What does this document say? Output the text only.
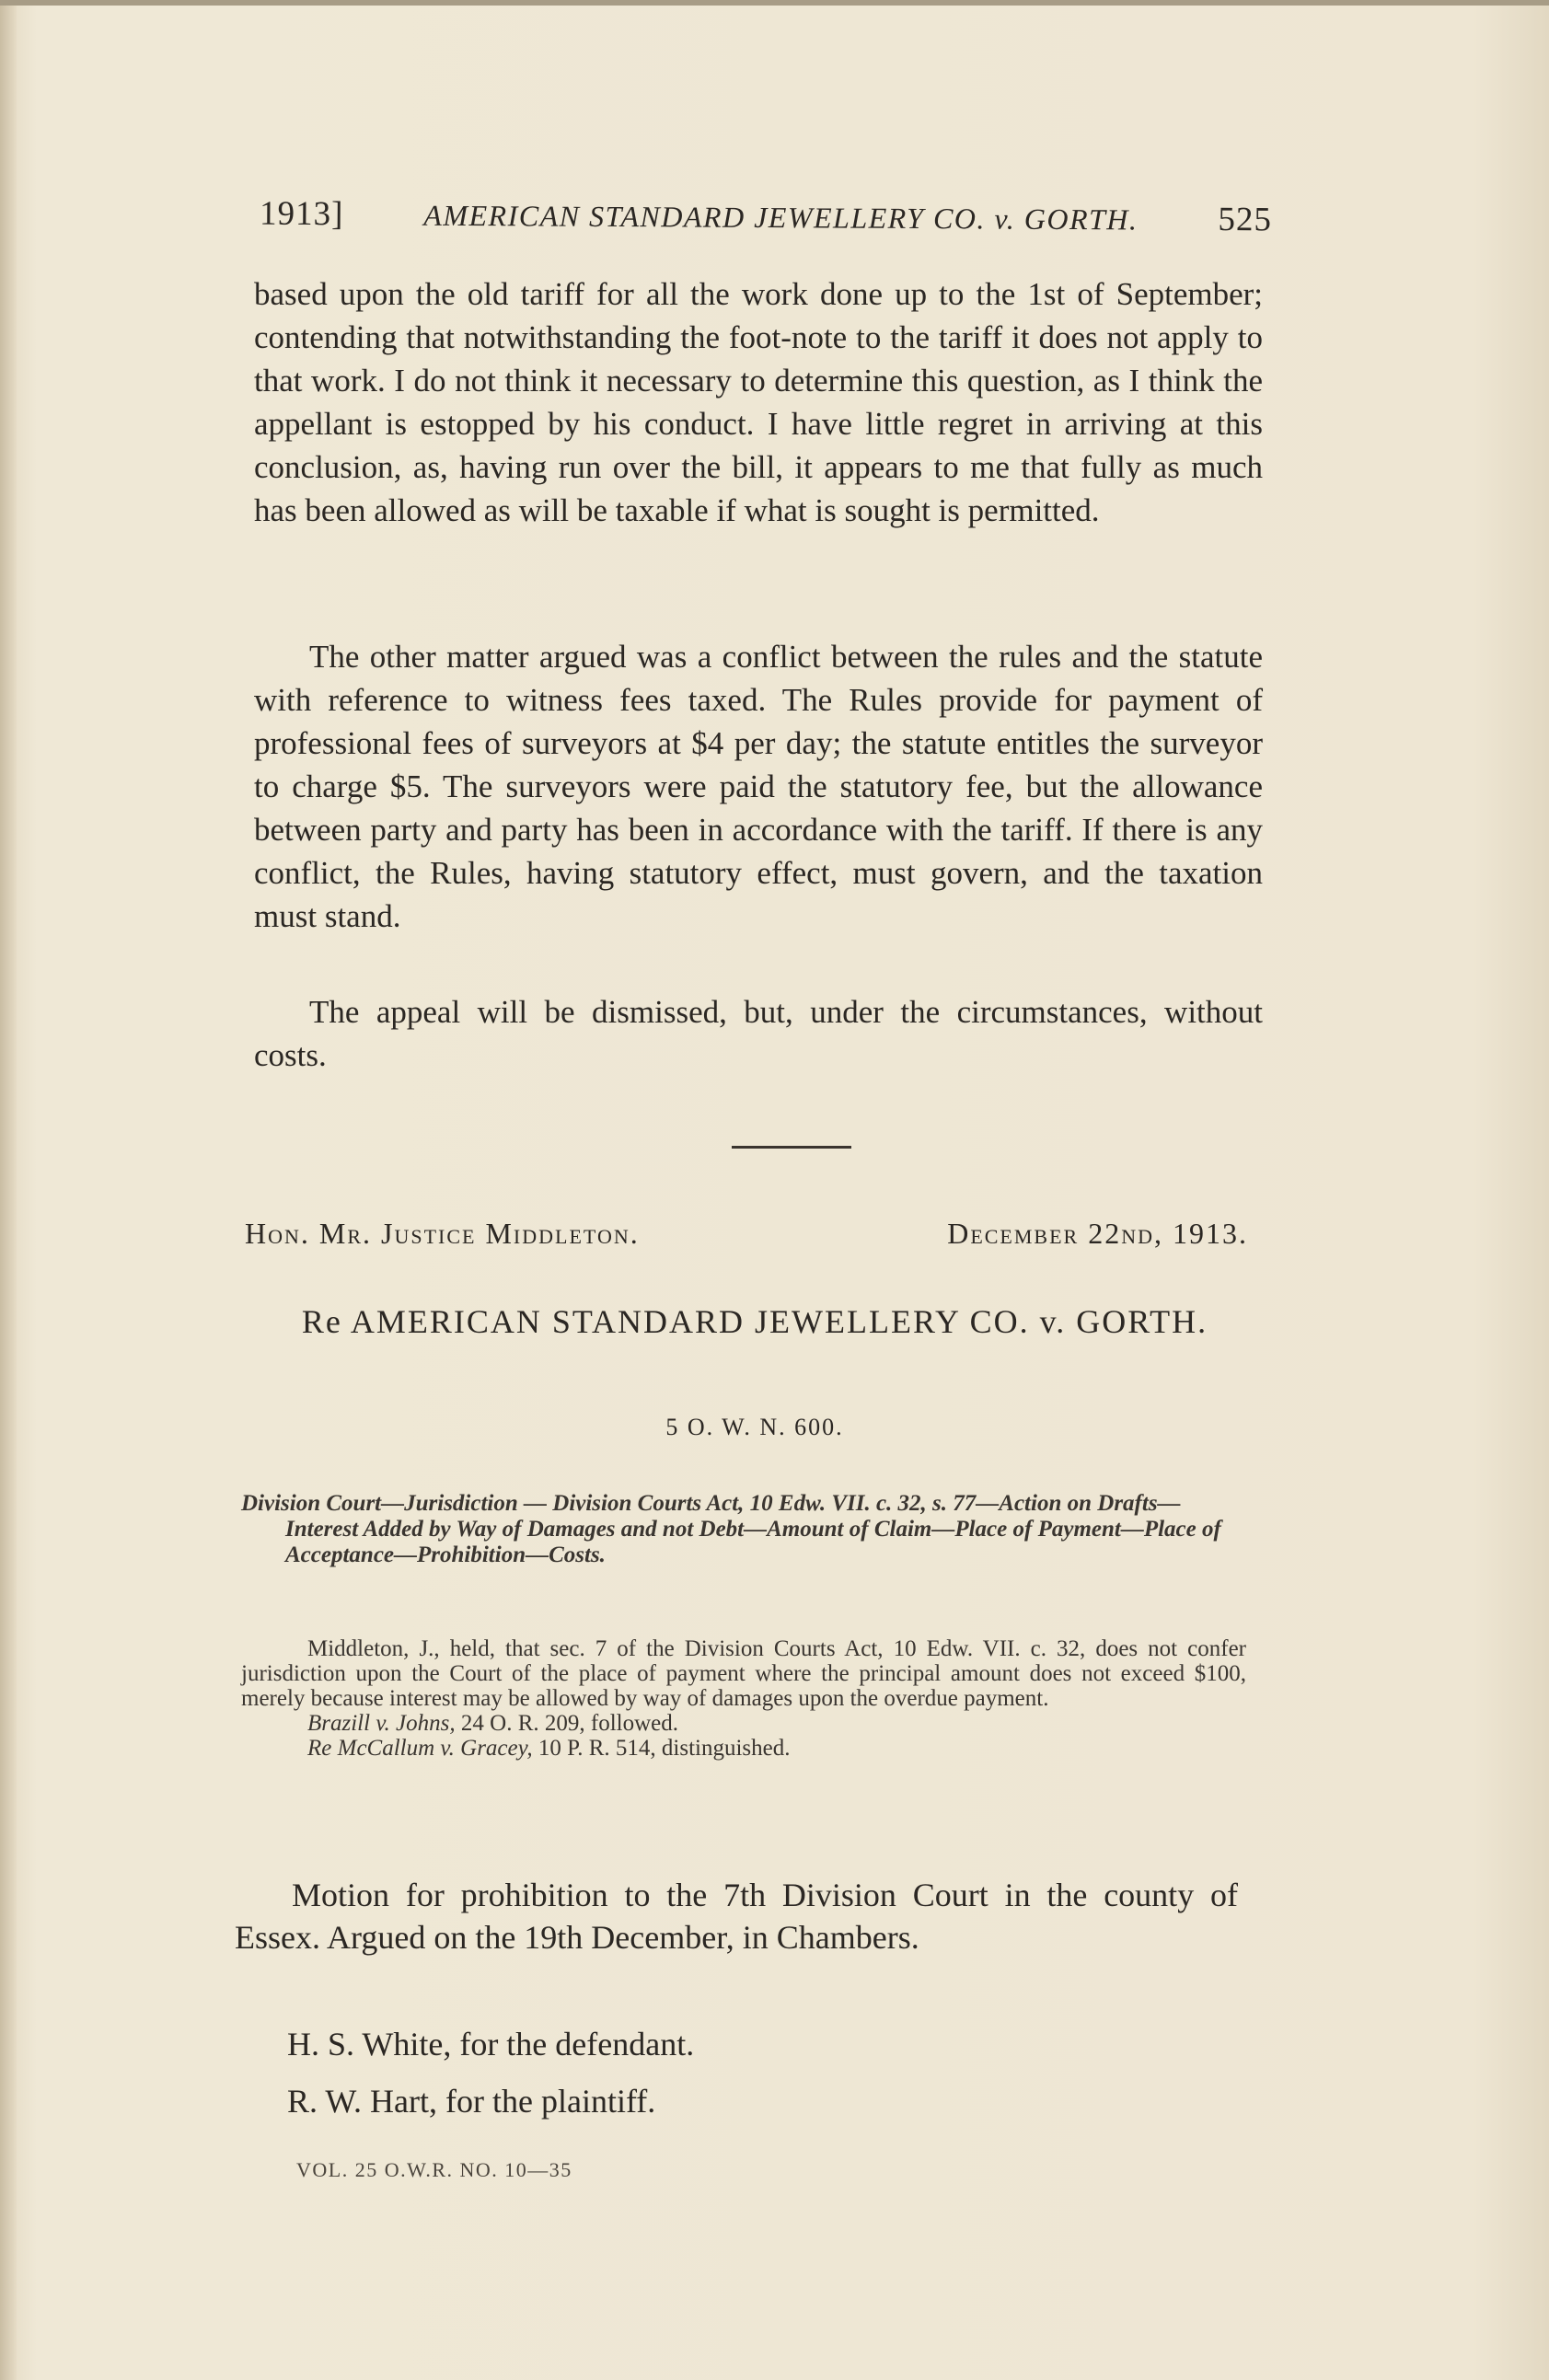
1913]	AMERICAN STANDARD JEWELLERY CO. v. GORTH. 525

based upon the old tariff for all the work done up to the 1st of September; contending that notwithstanding the foot-note to the tariff it does not apply to that work. I do not think it necessary to determine this question, as I think the appellant is estopped by his conduct. I have little regret in arriving at this conclusion, as, having run over the bill, it appears to me that fully as much has been allowed as will be taxable if what is sought is permitted.

The other matter argued was a conflict between the rules and the statute with reference to witness fees taxed. The Rules provide for payment of professional fees of surveyors at $4 per day; the statute entitles the surveyor to charge $5. The surveyors were paid the statutory fee, but the allowance between party and party has been in accordance with the tariff. If there is any conflict, the Rules, having statutory effect, must govern, and the taxation must stand.

The appeal will be dismissed, but, under the circumstances, without costs.

Hon. Mr. Justice Middleton.	December 22nd, 1913.
Re AMERICAN STANDARD JEWELLERY CO. v. GORTH.
5 O. W. N. 600.
Division Court—Jurisdiction — Division Courts Act, 10 Edw. VII. c. 32, s. 77—Action on Drafts—Interest Added by Way of Damages and not Debt—Amount of Claim—Place of Payment—Place of Acceptance—Prohibition—Costs.

Middleton, J., held, that sec. 7 of the Division Courts Act, 10 Edw. VII. c. 32, does not confer jurisdiction upon the Court of the place of payment where the principal amount does not exceed $100, merely because interest may be allowed by way of damages upon the overdue payment.

Brazill v. Johns, 24 O. R. 209, followed.

Re McCallum v. Gracey, 10 P. R. 514, distinguished.

Motion for prohibition to the 7th Division Court in the county of Essex. Argued on the 19th December, in Chambers.

H. S. White, for the defendant.
R. W. Hart, for the plaintiff.
VOL. 25 O.W.R. NO. 10—35
